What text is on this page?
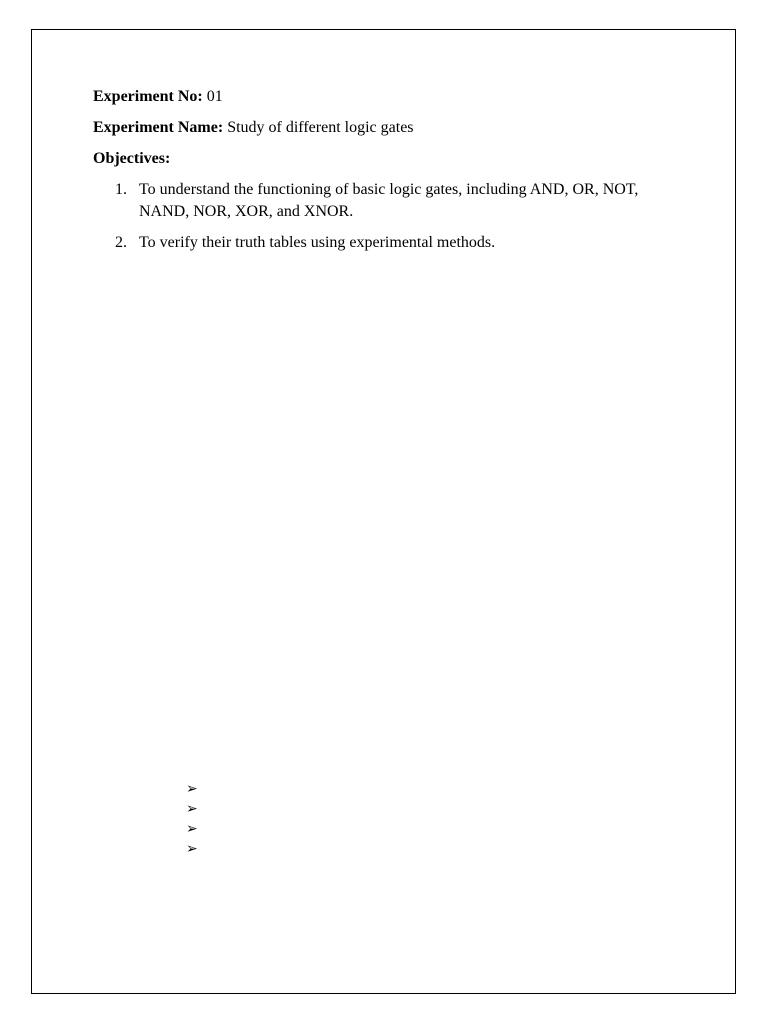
Experiment No: 01

Experiment Name: Study of different logic gates

Objectives:

1. To understand the functioning of basic logic gates, including AND, OR, NOT, NAND, NOR, XOR, and XNOR.
2. To verify their truth tables using experimental methods.
➢
➢
➢
➢
